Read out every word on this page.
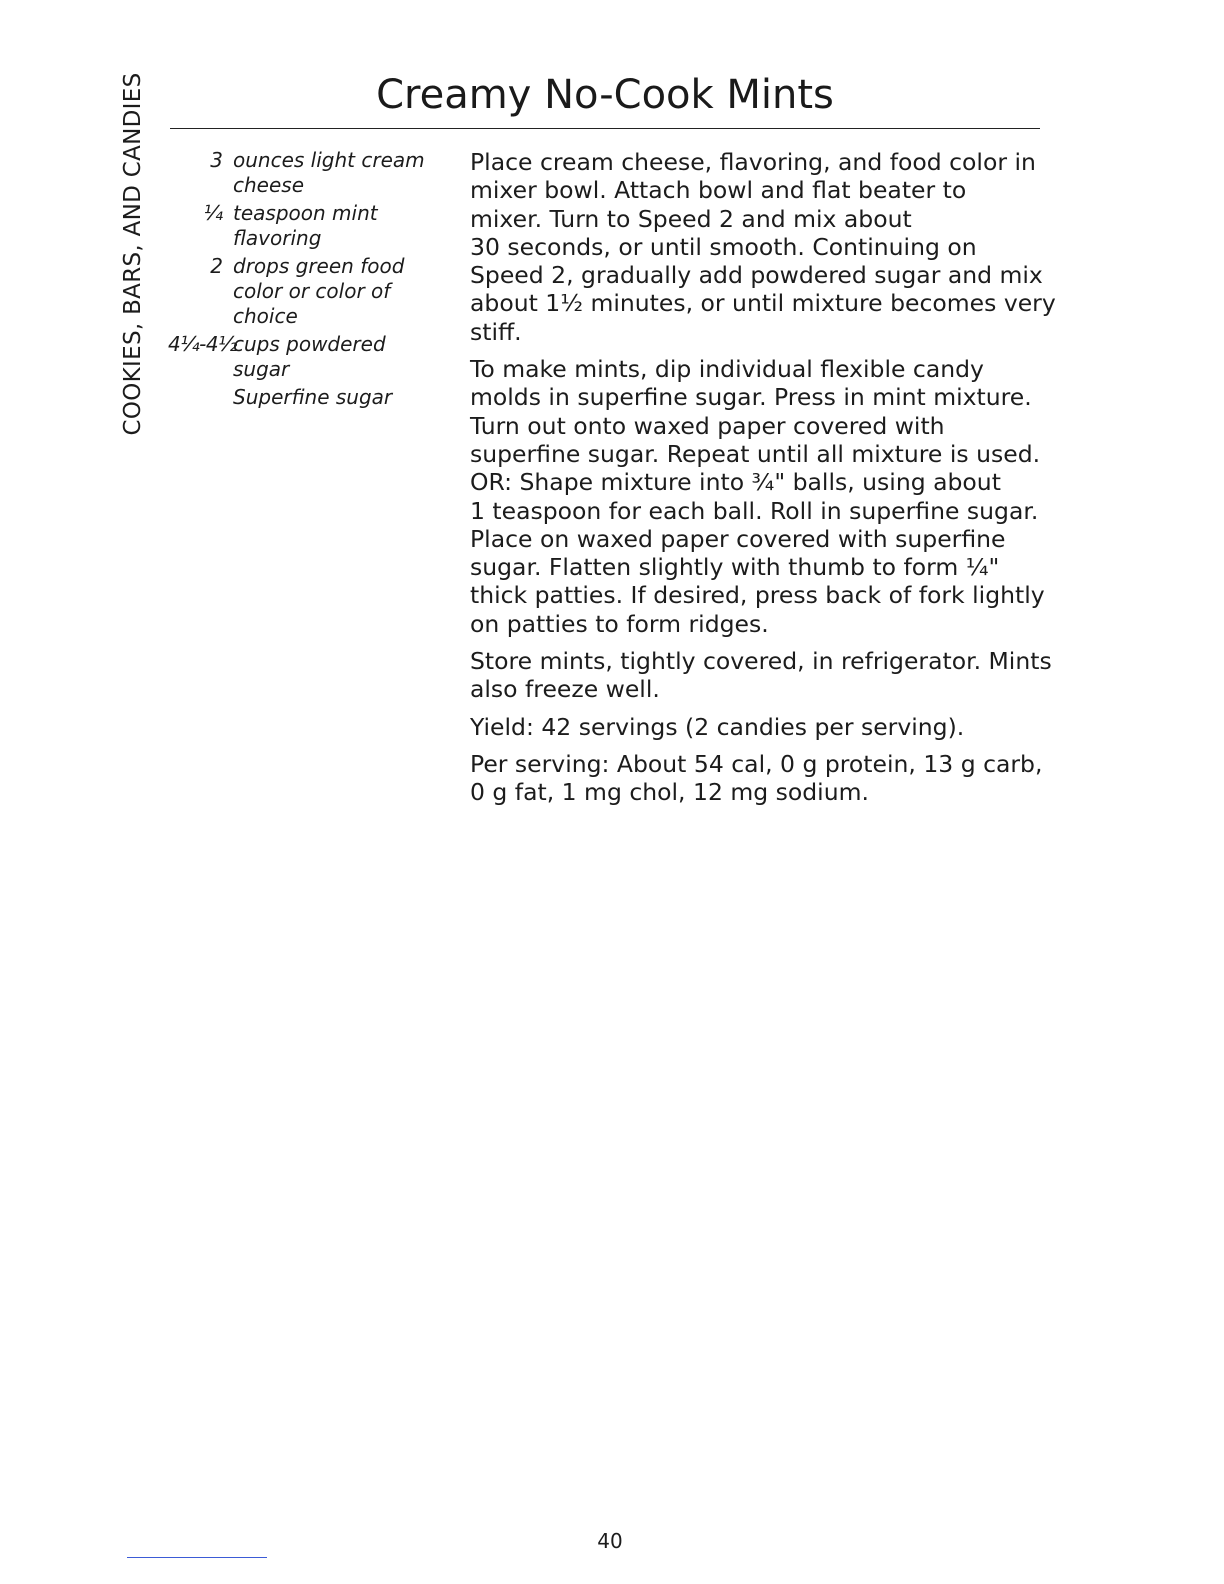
COOKIES, BARS, AND CANDIES	Creamy No-Cook Mints
3 ounces light cream cheese
¼ teaspoon mint flavoring
2 drops green food color or color of choice
4¼-4½
cups powdered sugar
Superfine sugar

Place cream cheese, flavoring, and food color in
mixer bowl. Attach bowl and flat beater to
mixer. Turn to Speed 2 and mix about
30 seconds, or until smooth. Continuing on
Speed 2, gradually add powdered sugar and mix
about 1½ minutes, or until mixture becomes very
stiff.

To make mints, dip individual flexible candy
molds in superfine sugar. Press in mint mixture.
Turn out onto waxed paper covered with
superfine sugar. Repeat until all mixture is used.
OR: Shape mixture into ¾" balls, using about
1 teaspoon for each ball. Roll in superfine sugar.
Place on waxed paper covered with superfine
sugar. Flatten slightly with thumb to form ¼"
thick patties. If desired, press back of fork lightly
on patties to form ridges.

Store mints, tightly covered, in refrigerator. Mints
also freeze well.

Yield: 42 servings (2 candies per serving).

Per serving: About 54 cal, 0 g protein, 13 g carb,
0 g fat, 1 mg chol, 12 mg sodium.

40
